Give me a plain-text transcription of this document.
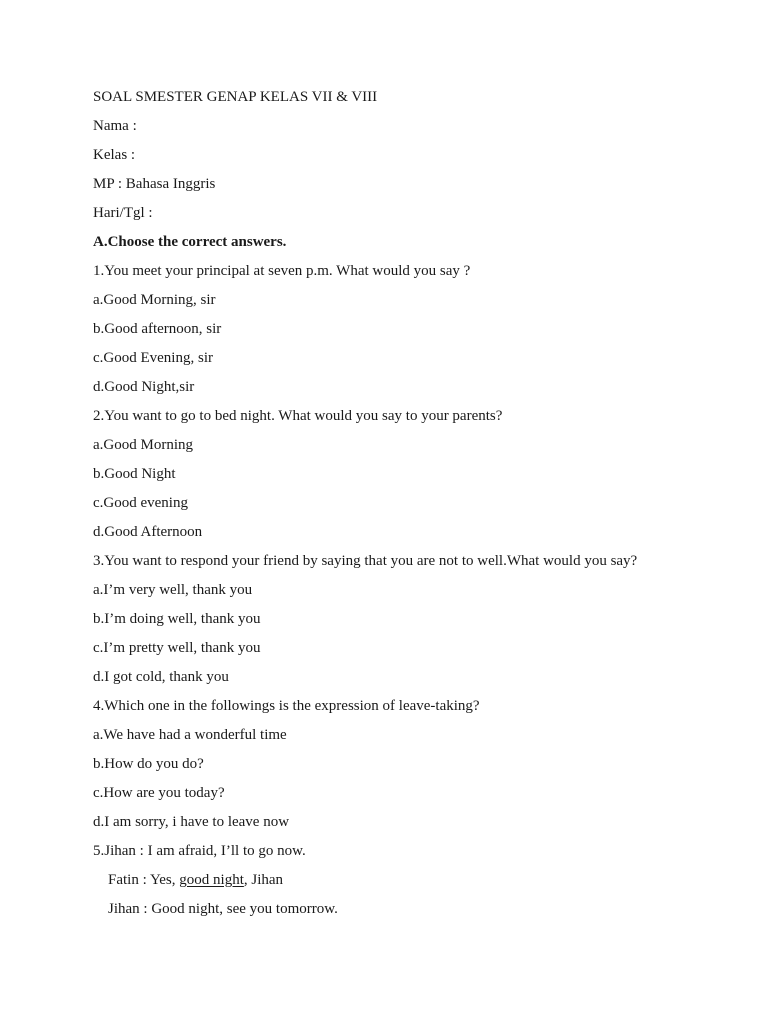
SOAL SMESTER GENAP KELAS VII & VIII
Nama :
Kelas :
MP : Bahasa Inggris
Hari/Tgl :
A.Choose the correct answers.
1.You meet your principal at seven p.m. What would you say ?
a.Good Morning, sir
b.Good afternoon, sir
c.Good Evening, sir
d.Good Night,sir
2.You want to go to bed night. What would you say to your parents?
a.Good Morning
b.Good Night
c.Good evening
d.Good Afternoon
3.You want to respond your friend by saying that you are not to well.What would you say?
a.I’m very well, thank you
b.I’m doing well, thank you
c.I’m pretty well, thank you
d.I got cold, thank you
4.Which one in the followings is the expression of leave-taking?
a.We have had a wonderful time
b.How do you do?
c.How are you today?
d.I am sorry, i have to leave now
5.Jihan : I am afraid, I’ll to go now.
Fatin : Yes, good night, Jihan
Jihan : Good night, see you tomorrow.
